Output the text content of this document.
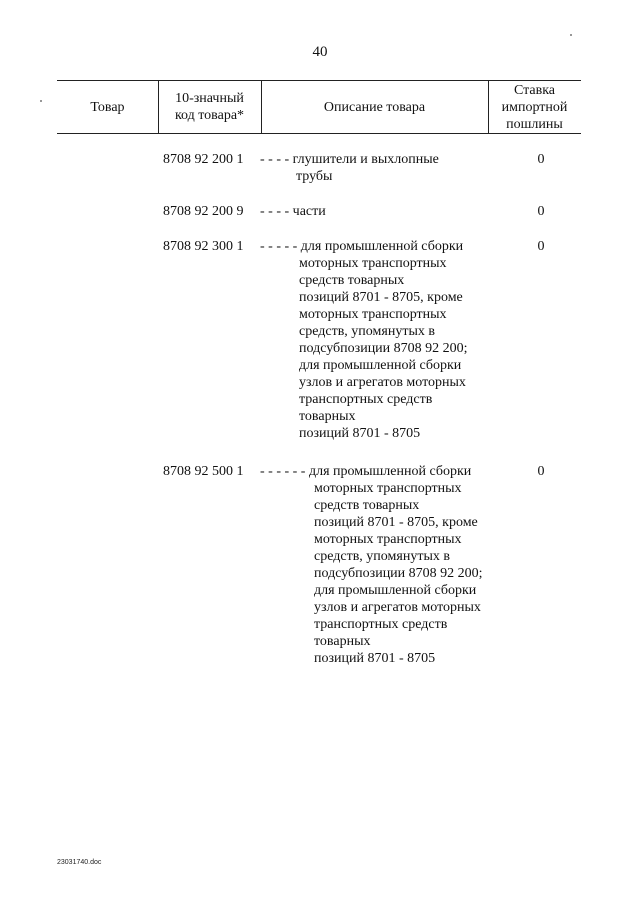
40
Товар
10-значный
код товара*
Описание товара
Ставка
импортной
пошлины
8708 92 200 1 - - - - глушители и выхлопные
трубы
0
8708 92 200 9 - - - - части	0
8708 92 300 1 - - - - - для промышленной сборки
моторных транспортных
средств товарных
позиций 8701 - 8705, кроме
моторных транспортных
средств, упомянутых в
подсубпозиции 8708 92 200;
для промышленной сборки
узлов и агрегатов моторных
транспортных средств
товарных
позиций 8701 - 8705
0
8708 92 500 1 - - - - - - для промышленной сборки
моторных транспортных
средств товарных
позиций 8701 - 8705, кроме
моторных транспортных
средств, упомянутых в
подсубпозиции 8708 92 200;
для промышленной сборки
узлов и агрегатов моторных
транспортных средств
товарных
позиций 8701 - 8705
0
23031740.doc
